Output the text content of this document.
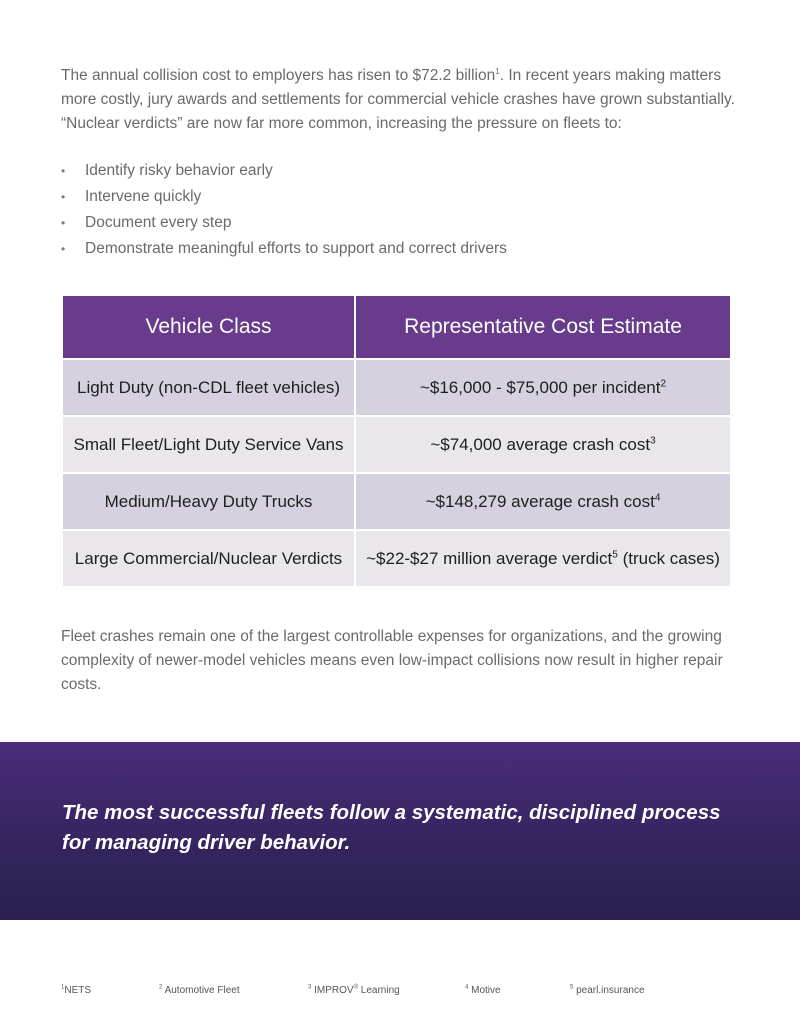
The annual collision cost to employers has risen to $72.2 billion$^1$. In recent years making matters more costly, jury awards and settlements for commercial vehicle crashes have grown substantially. “Nuclear verdicts” are now far more common, increasing the pressure on fleets to:

• Identify risky behavior early
• Intervene quickly
• Document every step
• Demonstrate meaningful efforts to support and correct drivers
Vehicle Class	Representative Cost Estimate
Light Duty (non-CDL fleet vehicles)	~$16,000 - $75,000 per incident$^2$
Small Fleet/Light Duty Service Vans	~$74,000 average crash cost$^3$
Medium/Heavy Duty Trucks	~$148,279 average crash cost$^4$
Large Commercial/Nuclear Verdicts	~$22-$27 million average verdict$^5$ (truck cases)

Fleet crashes remain one of the largest controllable expenses for organizations, and the growing complexity of newer-model vehicles means even low-impact collisions now result in higher repair costs.

The most successful fleets follow a systematic, disciplined process for managing driver behavior.

$^1$NETS	$^2$ Automotive Fleet	$^3$ IMPROV® Learning	$^4$ Motive	$^5$ pearl.insurance
